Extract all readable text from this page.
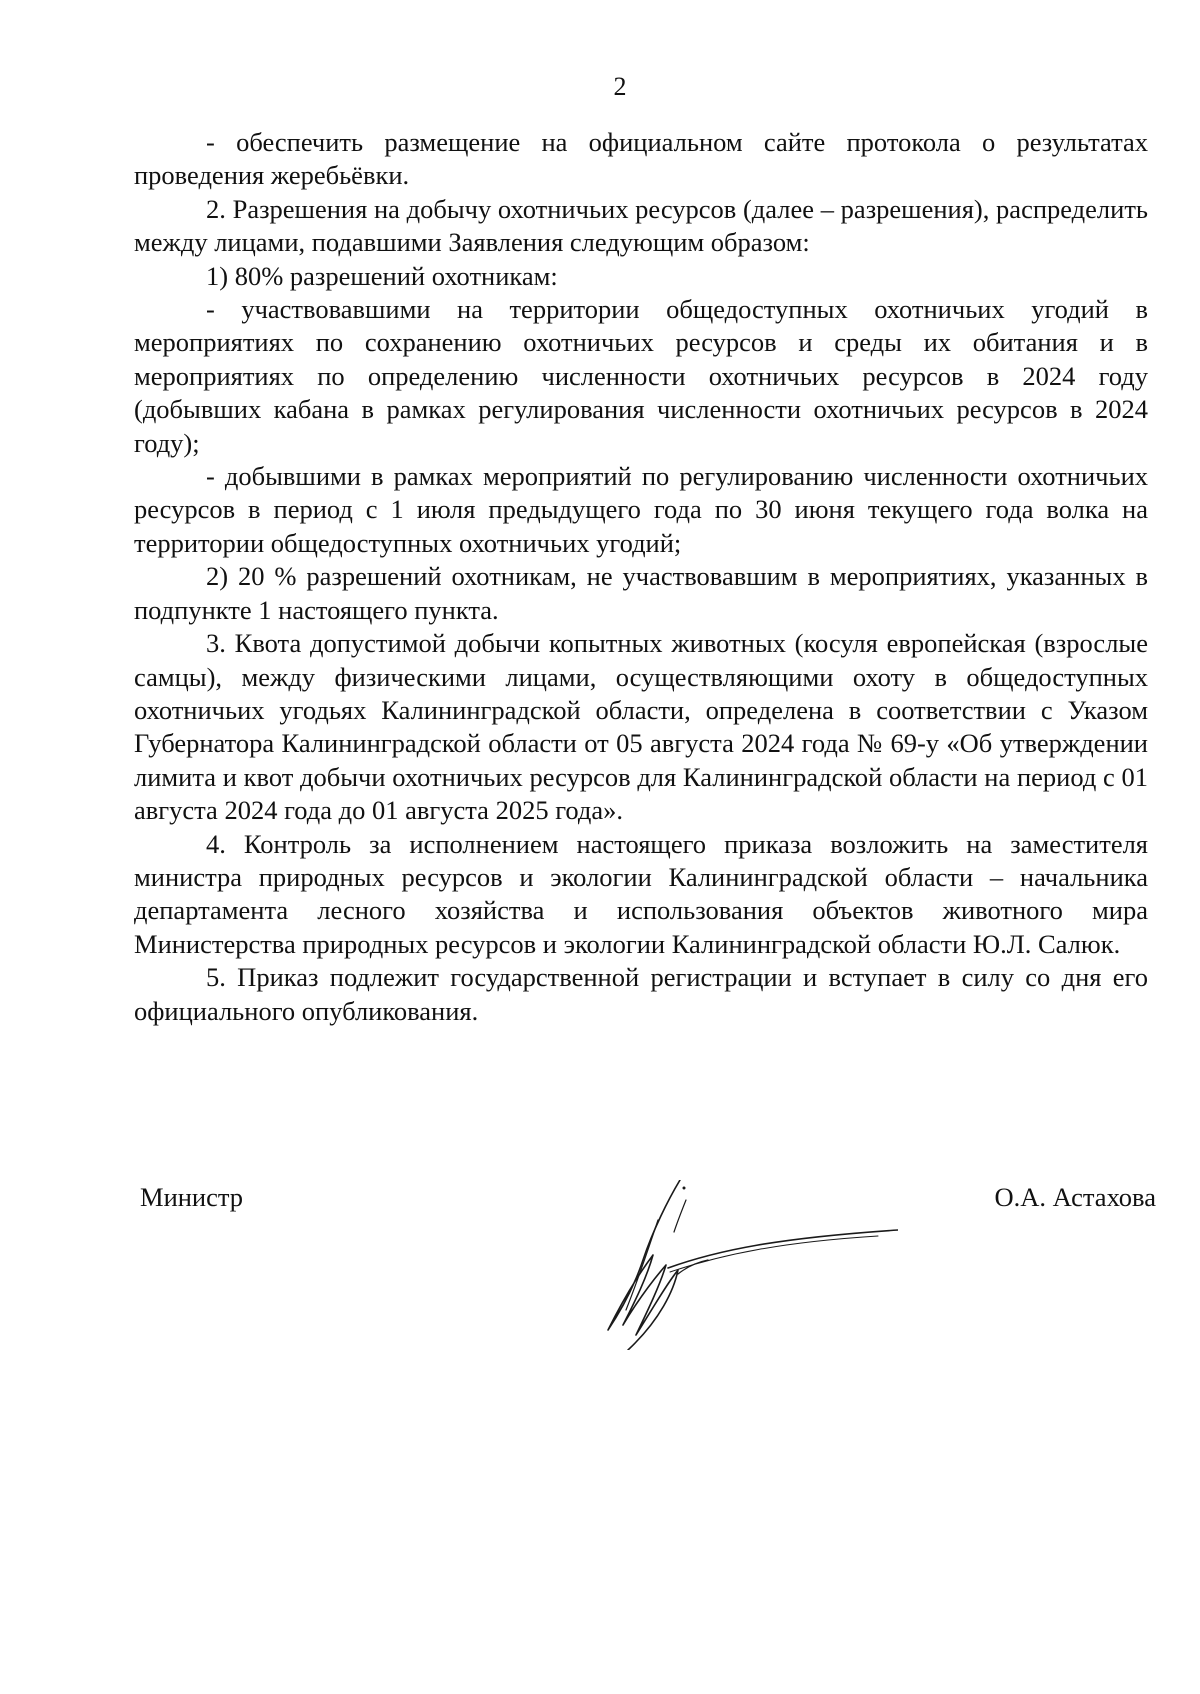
2

- обеспечить размещение на официальном сайте протокола о результатах проведения жеребьёвки.

2. Разрешения на добычу охотничьих ресурсов (далее – разрешения), распределить между лицами, подавшими Заявления следующим образом:

1) 80% разрешений охотникам:

- участвовавшими на территории общедоступных охотничьих угодий в мероприятиях по сохранению охотничьих ресурсов и среды их обитания и в мероприятиях по определению численности охотничьих ресурсов в 2024 году (добывших кабана в рамках регулирования численности охотничьих ресурсов в 2024 году);

- добывшими в рамках мероприятий по регулированию численности охотничьих ресурсов в период с 1 июля предыдущего года по 30 июня текущего года волка на территории общедоступных охотничьих угодий;

2) 20 % разрешений охотникам, не участвовавшим в мероприятиях, указанных в подпункте 1 настоящего пункта.

3. Квота допустимой добычи копытных животных (косуля европейская (взрослые самцы), между физическими лицами, осуществляющими охоту в общедоступных охотничьих угодьях Калининградской области, определена в соответствии с Указом Губернатора Калининградской области от 05 августа 2024 года № 69-у «Об утверждении лимита и квот добычи охотничьих ресурсов для Калининградской области на период с 01 августа 2024 года до 01 августа 2025 года».

4. Контроль за исполнением настоящего приказа возложить на заместителя министра природных ресурсов и экологии Калининградской области – начальника департамента лесного хозяйства и использования объектов животного мира Министерства природных ресурсов и экологии Калининградской области Ю.Л. Салюк.

5. Приказ подлежит государственной регистрации и вступает в силу со дня его официального опубликования.

Министр	О.А. Астахова
